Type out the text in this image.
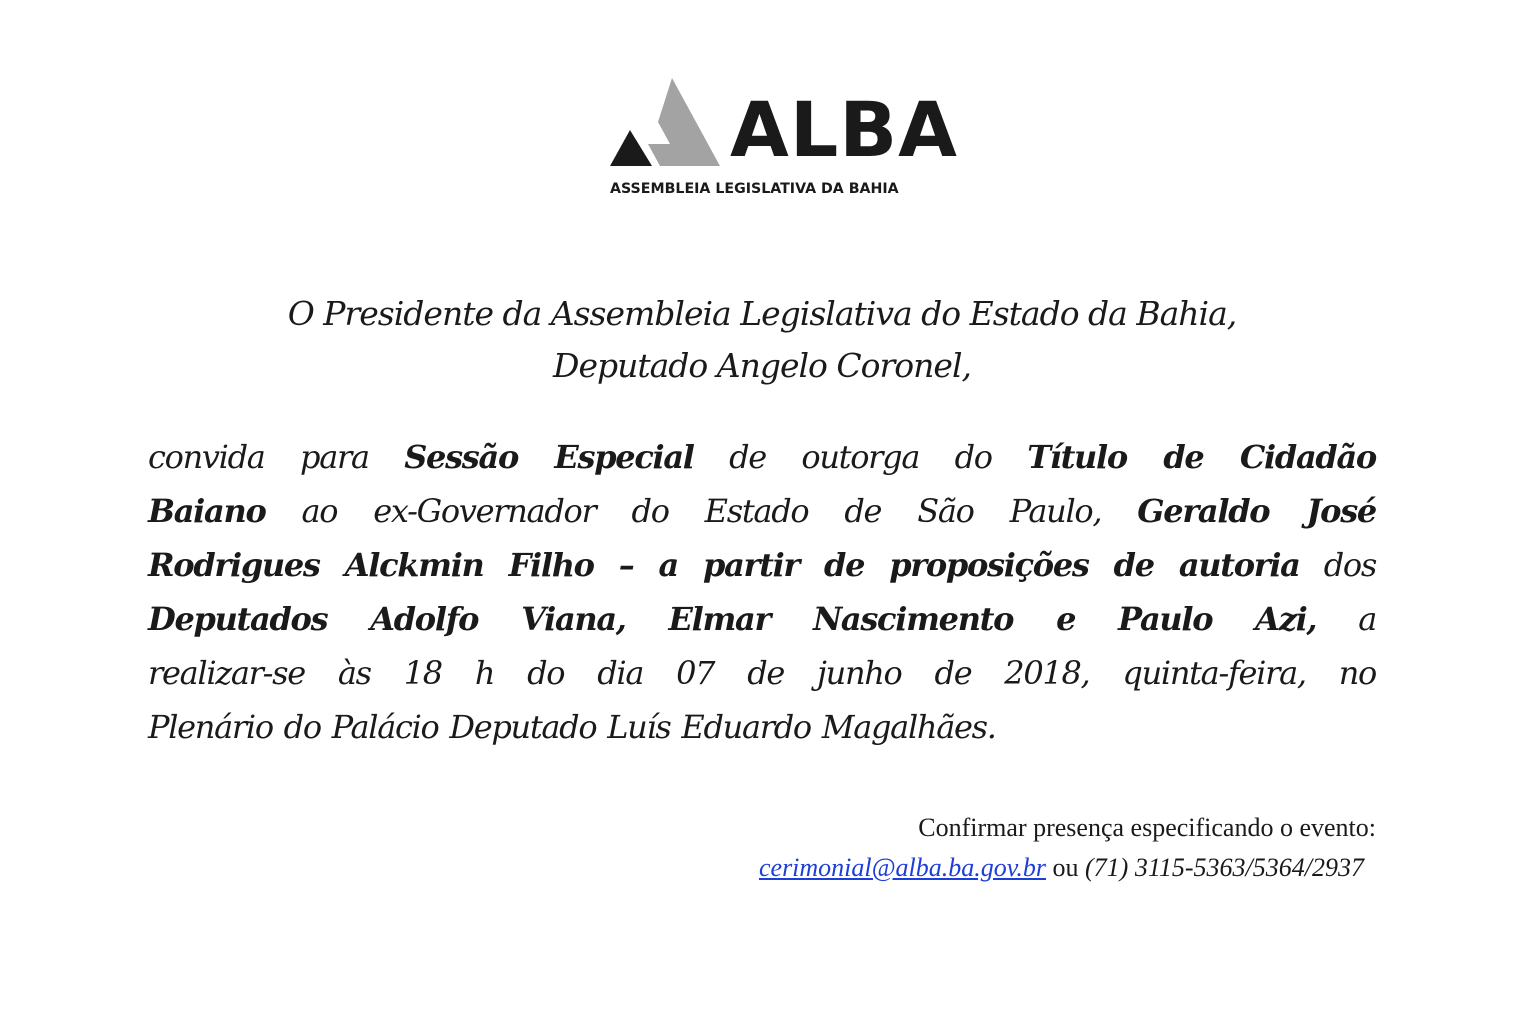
ALBA
ASSEMBLEIA LEGISLATIVA DA BAHIA
O Presidente da Assembleia Legislativa do Estado da Bahia,
Deputado Angelo Coronel,
convida para Sessão Especial de outorga do Título de Cidadão
Baiano ao ex-Governador do Estado de São Paulo, Geraldo José
Rodrigues Alckmin Filho – a partir de proposições de autoria dos
Deputados Adolfo Viana, Elmar Nascimento e Paulo Azi, a
realizar-se às 18 h do dia 07 de junho de 2018, quinta-feira, no
Plenário do Palácio Deputado Luís Eduardo Magalhães.
Confirmar presença especificando o evento:
cerimonial@alba.ba.gov.br ou (71) 3115-5363/5364/2937
